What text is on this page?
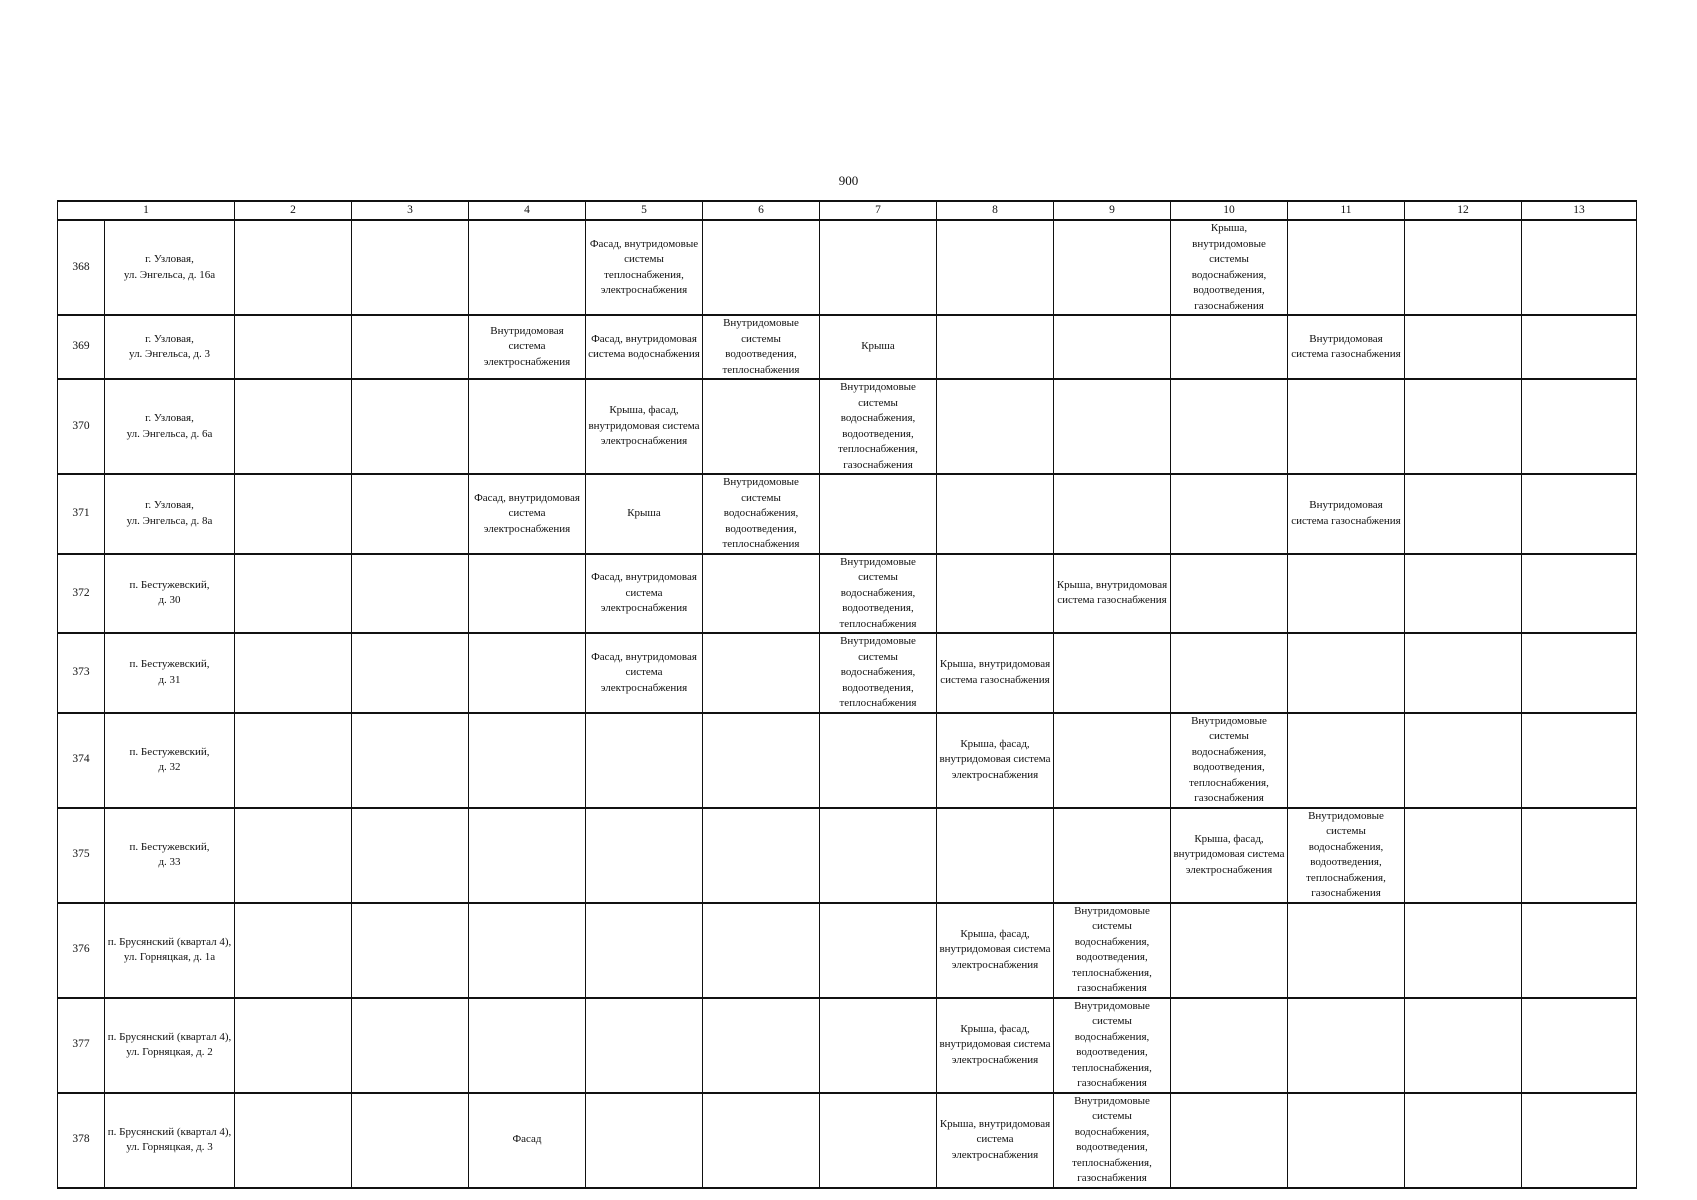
900
1		2	3	4	5	6	7	8	9	10	11	12	13
368	г. Узловая,
ул. Энгельса, д. 16а				Фасад, внутридомовые системы теплоснабжения, электроснабжения					Крыша, внутридомовые системы водоснабжения, водоотведения, газоснабжения			
369	г. Узловая,
ул. Энгельса, д. 3			Внутридомовая система электроснабжения	Фасад, внутридомовая система водоснабжения	Внутридомовые системы водоотведения, теплоснабжения	Крыша				Внутридомовая система газоснабжения		
370	г. Узловая,
ул. Энгельса, д. 6а				Крыша, фасад, внутридомовая система электроснабжения		Внутридомовые системы водоснабжения, водоотведения, теплоснабжения, газоснабжения						
371	г. Узловая,
ул. Энгельса, д. 8а			Фасад, внутридомовая система электроснабжения	Крыша	Внутридомовые системы водоснабжения, водоотведения, теплоснабжения					Внутридомовая система газоснабжения		
372	п. Бестужевский,
д. 30				Фасад, внутридомовая система электроснабжения		Внутридомовые системы водоснабжения, водоотведения, теплоснабжения		Крыша, внутридомовая система газоснабжения				
373	п. Бестужевский,
д. 31				Фасад, внутридомовая система электроснабжения		Внутридомовые системы водоснабжения, водоотведения, теплоснабжения	Крыша, внутридомовая система газоснабжения					
374	п. Бестужевский,
д. 32							Крыша, фасад, внутридомовая система электроснабжения		Внутридомовые системы водоснабжения, водоотведения, теплоснабжения, газоснабжения			
375	п. Бестужевский,
д. 33									Крыша, фасад, внутридомовая система электроснабжения	Внутридомовые системы водоснабжения, водоотведения, теплоснабжения, газоснабжения		
376	п. Брусянский (квартал 4),
ул. Горняцкая, д. 1а							Крыша, фасад, внутридомовая система электроснабжения	Внутридомовые системы водоснабжения, водоотведения, теплоснабжения, газоснабжения				
377	п. Брусянский (квартал 4),
ул. Горняцкая, д. 2							Крыша, фасад, внутридомовая система электроснабжения	Внутридомовые системы водоснабжения, водоотведения, теплоснабжения, газоснабжения				
378	п. Брусянский (квартал 4),
ул. Горняцкая, д. 3			Фасад				Крыша, внутридомовая система электроснабжения	Внутридомовые системы водоснабжения, водоотведения, теплоснабжения, газоснабжения				
